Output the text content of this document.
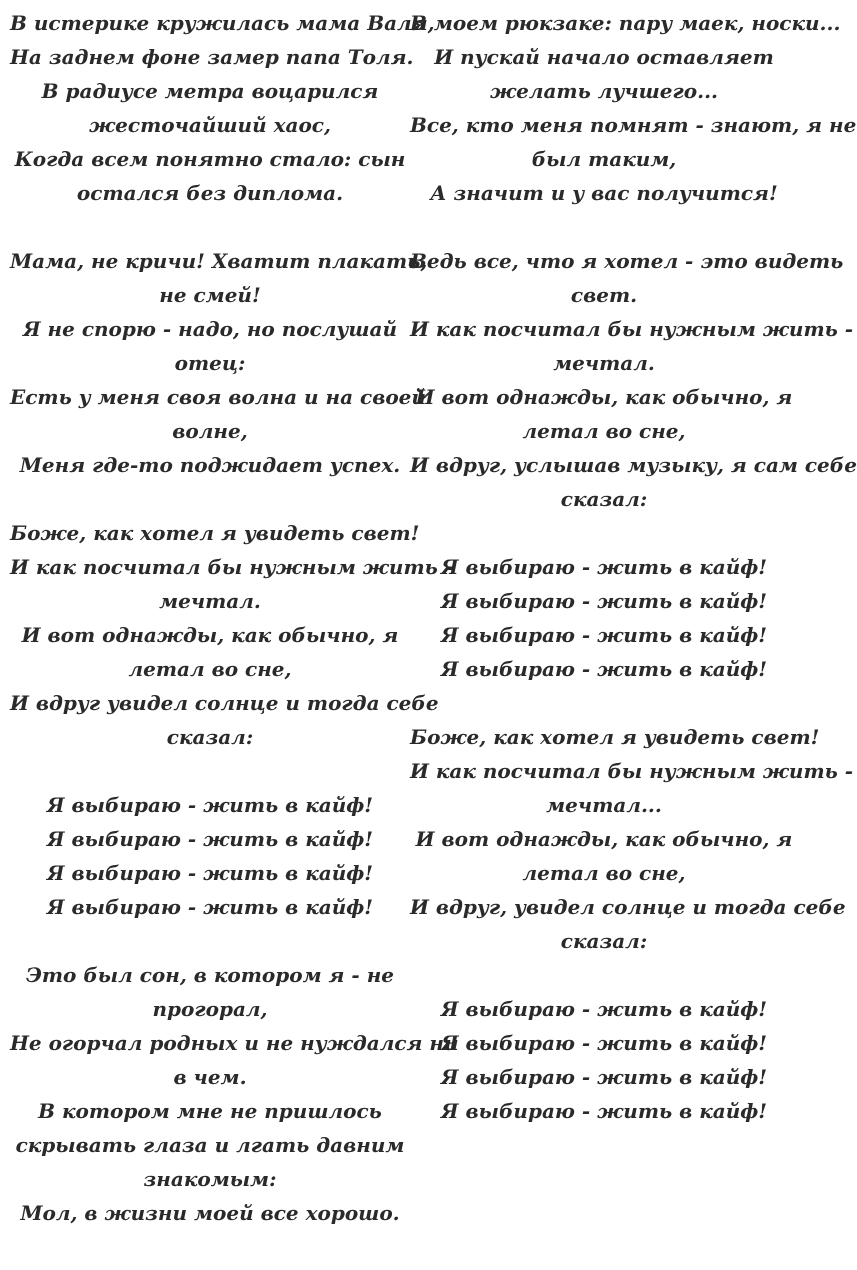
В истерике кружилась мама Валя,
На заднем фоне замер папа Толя.
В радиусе метра воцарился
жесточайший хаос,
Когда всем понятно стало: сын
остался без диплома.
Мама, не кричи! Хватит плакать,
не смей!
Я не спорю - надо, но послушай
отец:
Есть у меня своя волна и на своей
волне,
Меня где-то поджидает успех.
Боже, как хотел я увидеть свет!
И как посчитал бы нужным жить -
мечтал.
И вот однажды, как обычно, я
летал во сне,
И вдруг увидел солнце и тогда себе
сказал:
Я выбираю - жить в кайф!
Я выбираю - жить в кайф!
Я выбираю - жить в кайф!
Я выбираю - жить в кайф!
Это был сон, в котором я - не
прогорал,
Не огорчал родных и не нуждался ни
в чем.
В котором мне не пришлось
скрывать глаза и лгать давним
знакомым:
Мол, в жизни моей все хорошо.
В моем рюкзаке: пару маек, носки...
И пускай начало оставляет
желать лучшего...
Все, кто меня помнят - знают, я не
был таким,
А значит и у вас получится!
Ведь все, что я хотел - это видеть
свет.
И как посчитал бы нужным жить -
мечтал.
И вот однажды, как обычно, я
летал во сне,
И вдруг, услышав музыку, я сам себе
сказал:
Я выбираю - жить в кайф!
Я выбираю - жить в кайф!
Я выбираю - жить в кайф!
Я выбираю - жить в кайф!
Боже, как хотел я увидеть свет!
И как посчитал бы нужным жить -
мечтал...
И вот однажды, как обычно, я
летал во сне,
И вдруг, увидел солнце и тогда себе
сказал:
Я выбираю - жить в кайф!
Я выбираю - жить в кайф!
Я выбираю - жить в кайф!
Я выбираю - жить в кайф!
